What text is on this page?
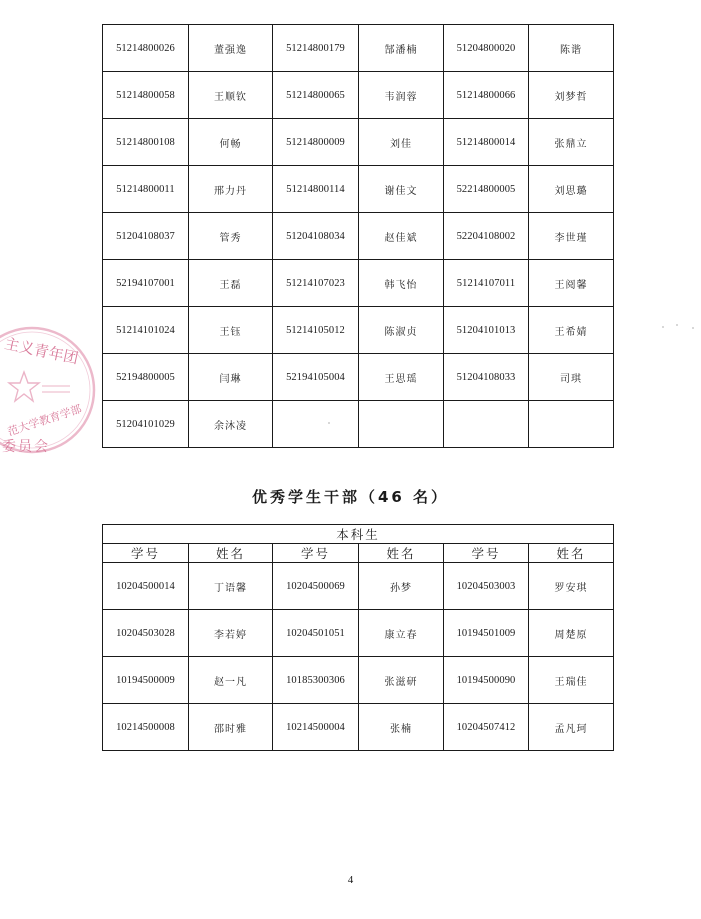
51214800026	董强逸	51214800179	郜潘楠	51204800020	陈谐
51214800058	王顺钦	51214800065	韦润蓉	51214800066	刘梦哲
51214800108	何畅	51214800009	刘佳	51214800014	张鼎立
51214800011	邢力丹	51214800114	谢佳文	52214800005	刘思璐
51204108037	管秀	51204108034	赵佳斌	52204108002	李世瑾
52194107001	王磊	51214107023	韩飞怡	51214107011	王阅馨
51214101024	王钰	51214105012	陈淑贞	51204101013	王希婧
52194800005	闫琳	52194105004	王思瑶	51204108033	司琪
51204101029	余沐凌				
优秀学生干部（46 名）
本科生					
学号	姓名	学号	姓名	学号	姓名
10204500014	丁语馨	10204500069	孙梦	10204503003	罗安琪
10204503028	李若婷	10204501051	康立春	10194501009	周楚原
10194500009	赵一凡	10185300306	张滋研	10194500090	王瑞佳
10214500008	邵时雅	10214500004	张楠	10204507412	孟凡珂
4
主义青年团
范大学教育学部
委员会
